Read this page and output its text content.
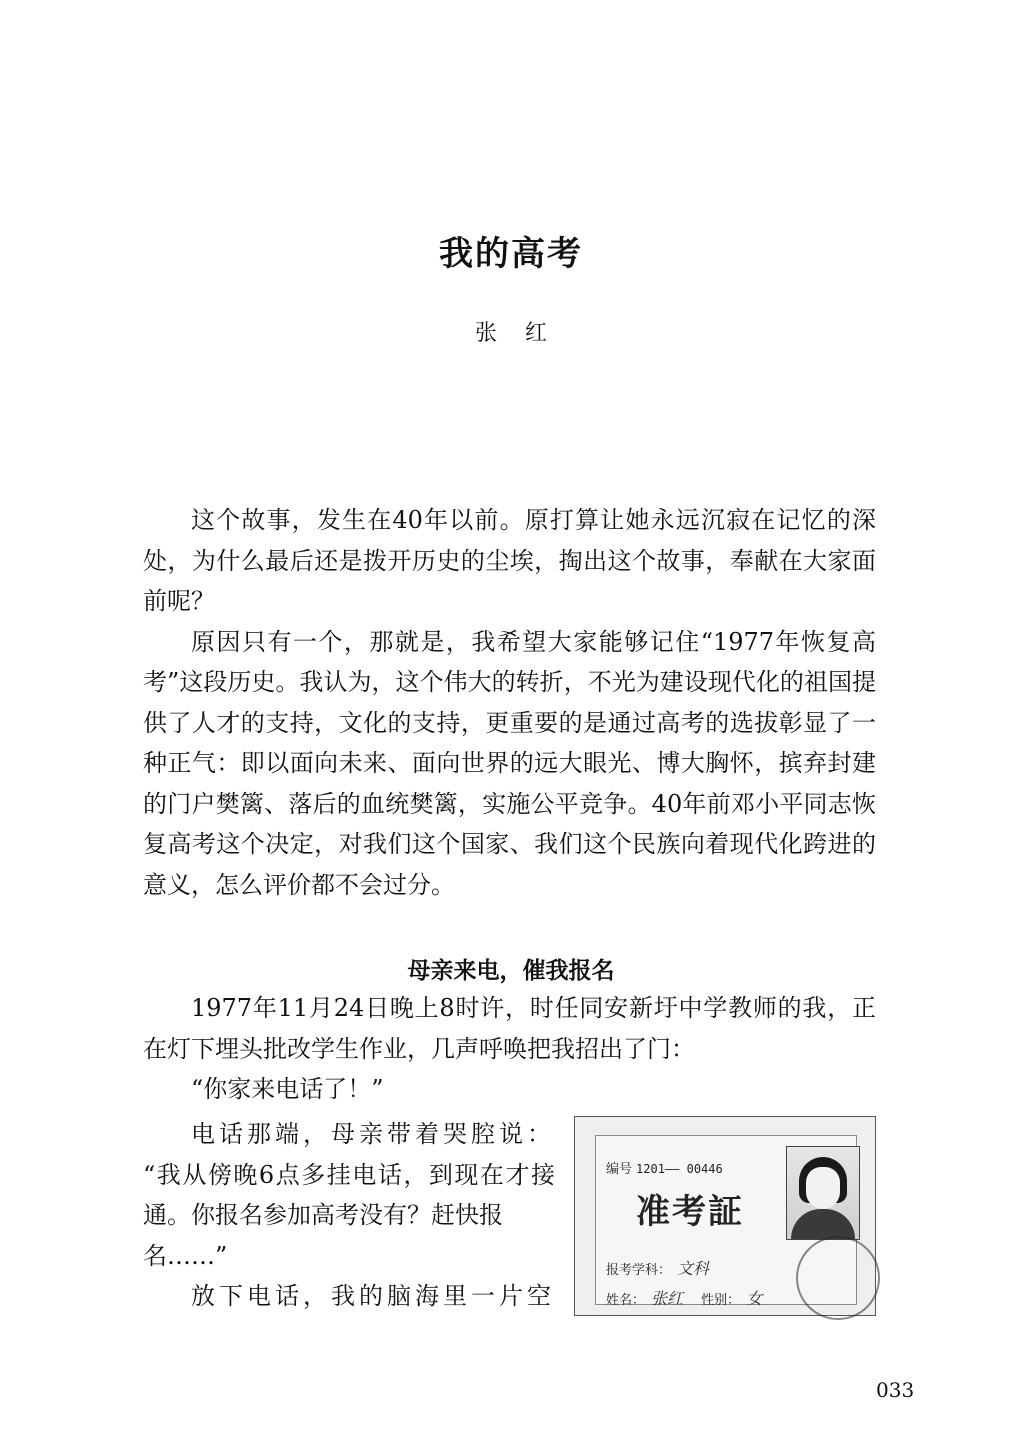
我的高考
张红

这个故事，发生在40年以前。原打算让她永远沉寂在记忆的深处，为什么最后还是拨开历史的尘埃，掏出这个故事，奉献在大家面前呢？

原因只有一个，那就是，我希望大家能够记住“1977年恢复高考”这段历史。我认为，这个伟大的转折，不光为建设现代化的祖国提供了人才的支持，文化的支持，更重要的是通过高考的选拔彰显了一种正气：即以面向未来、面向世界的远大眼光、博大胸怀，摈弃封建的门户樊篱、落后的血统樊篱，实施公平竞争。40年前邓小平同志恢复高考这个决定，对我们这个国家、我们这个民族向着现代化跨进的意义，怎么评价都不会过分。

母亲来电，催我报名

1977年11月24日晚上8时许，时任同安新圩中学教师的我，正在灯下埋头批改学生作业，几声呼唤把我招出了门：

“你家来电话了！”

电话那端，母亲带着哭腔说：

“我从傍晚6点多挂电话，到现在才接通。你报名参加高考没有？赶快报

名……”

放下电话，我的脑海里一片空

编号 1201—— 00446
准考証
报考学科： 文科
姓名： 张红 性别： 女
033
